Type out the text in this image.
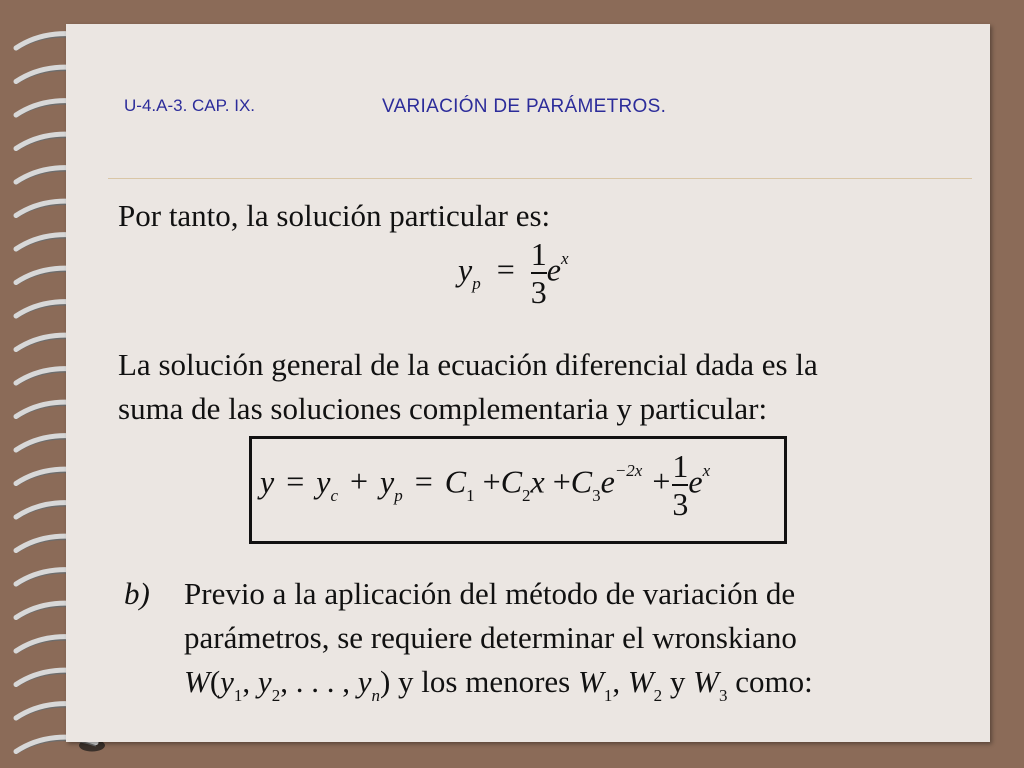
U-4.A-3. CAP. IX.	VARIACIÓN DE PARÁMETROS.
Por tanto, la solución particular es:
$y_p = \frac{1}{3} e^x$
La solución general de la ecuación diferencial dada es la
suma de las soluciones complementaria y particular:
$y = y_c + y_p = C_1 +C_2x +C_3e^{-2x} + \frac{1}{3} e^x$
b) Previo a la aplicación del método de variación de
parámetros, se requiere determinar el wronskiano
$W(y_1$, $y_2$, . . . , $y_n$) y los menores $W_1$, $W_2$ y $W_3$ como:
